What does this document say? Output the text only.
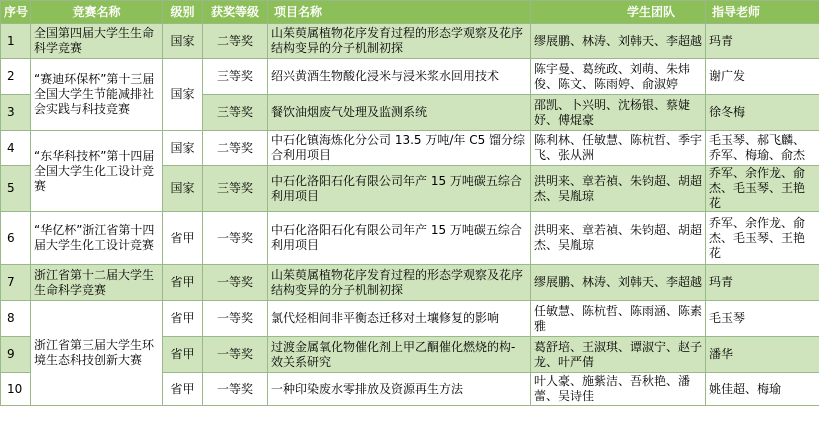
序号	竞赛名称	级别	获奖等级	项目名称	学生团队	指导老师
1	全国第四届大学生生命科学竞赛	国家	二等奖	山茱萸属植物花序发育过程的形态学观察及花序结构变异的分子机制初探	缪展鹏、林涛、刘韩天、李超越	玛青
2	“赛迪环保杯”第十三届全国大学生节能减排社会实践与科技竞赛	国家	三等奖	绍兴黄酒生物酸化浸米与浸米浆水回用技术	陈宇曼、葛统政、刘萌、朱炜俊、陈文、陈雨婷、俞淑婷	谢广发
3			三等奖	餐饮油烟废气处理及监测系统	邵凯、卜兴明、沈杨银、蔡婕妤、傅焜豪	徐冬梅
4	“东华科技杯”第十四届全国大学生化工设计竞赛	国家	二等奖	中石化镇海炼化分公司 13.5 万吨/年 C5 馏分综合利用项目	陈利林、任敏慧、陈杭哲、季宇飞、张从洲	毛玉琴、郝飞麟、乔军、梅瑜、俞杰
5		国家	三等奖	中石化洛阳石化有限公司年产 15 万吨碳五综合利用项目	洪明来、章若禎、朱钧超、胡超杰、吴胤琼	乔军、余作龙、俞杰、毛玉琴、王艳花
6	“华亿杯”浙江省第十四届大学生化工设计竞赛	省甲	一等奖	中石化洛阳石化有限公司年产 15 万吨碳五综合利用项目	洪明来、章若禎、朱钧超、胡超杰、吴胤琼	乔军、余作龙、俞杰、毛玉琴、王艳花
7	浙江省第十二届大学生生命科学竞赛	省甲	一等奖	山茱萸属植物花序发育过程的形态学观察及花序结构变异的分子机制初探	缪展鹏、林涛、刘韩天、李超越	玛青
8	浙江省第三届大学生环境生态科技创新大赛	省甲	一等奖	氯代烃相间非平衡态迁移对土壤修复的影响	任敏慧、陈杭哲、陈雨涵、陈素雅	毛玉琴
9		省甲	一等奖	过渡金属氧化物催化剂上甲乙酮催化燃烧的构-效关系研究	葛舒培、王淑琪、谭淑宁、赵子龙、叶严倩	潘华
10		省甲	一等奖	一种印染废水零排放及资源再生方法	叶人豪、施紫洁、吾秋艳、潘蕾、吴诗佳	姚佳超、梅瑜
